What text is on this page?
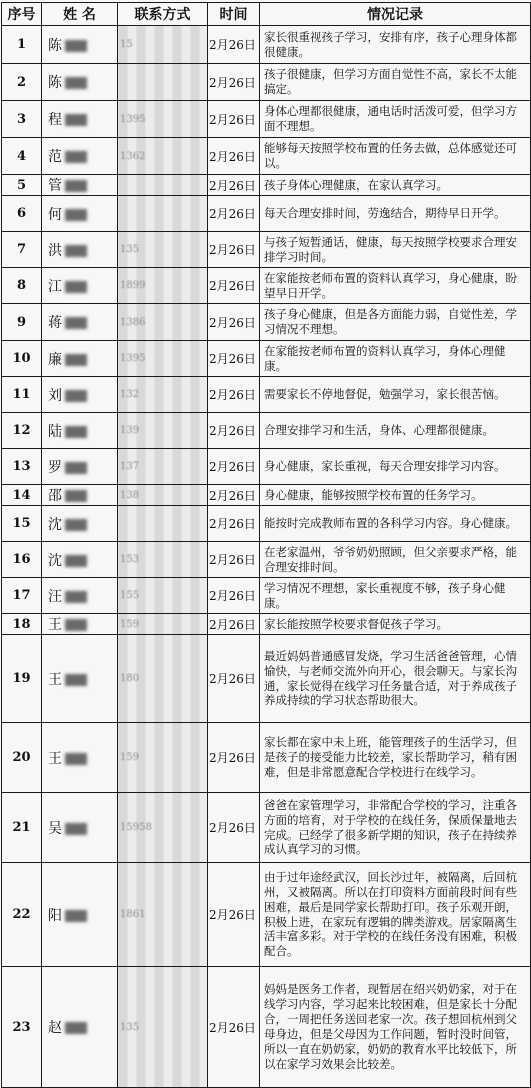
序号	姓 名	联系方式	时间	情况记录
1	陈	15	2月26日	家长很重视孩子学习，安排有序，孩子心理身体都很健康。
2	陈		2月26日	孩子很健康，但学习方面自觉性不高，家长不太能搞定。
3	程	1395	2月26日	身体心理都很健康，通电话时活泼可爱，但学习方面不理想。
4	范	1362	2月26日	能够每天按照学校布置的任务去做，总体感觉还可以。
5	管		2月26日	孩子身体心理健康，在家认真学习。
6	何		2月26日	每天合理安排时间，劳逸结合，期待早日开学。
7	洪	135	2月26日	与孩子短暂通话，健康，每天按照学校要求合理安排学习时间。
8	江	1899	2月26日	在家能按老师布置的资料认真学习，身心健康，盼望早日开学。
9	蒋	1386	2月26日	孩子身心健康，但是各方面能力弱，自觉性差，学习情况不理想。
10	廉	1395	2月26日	在家能按老师布置的资料认真学习，身体心理健康。
11	刘	132	2月26日	需要家长不停地督促，勉强学习，家长很苦恼。
12	陆	139	2月26日	合理安排学习和生活，身体、心理都很健康。
13	罗	137	2月26日	身心健康，家长重视，每天合理安排学习内容。
14	邵	138	2月26日	身心健康，能够按照学校布置的任务学习。
15	沈		2月26日	能按时完成教师布置的各科学习内容。身心健康。
16	沈	153	2月26日	在老家温州，爷爷奶奶照顾，但父亲要求严格，能合理安排时间。
17	汪	155	2月26日	学习情况不理想，家长重视度不够，孩子身心健康。
18	王	159	2月26日	家长能按照学校要求督促孩子学习。
19	王	180	2月26日	最近妈妈普通感冒发烧，学习生活爸爸管理，心情愉快，与老师交流外向开心，很会聊天。与家长沟通，家长觉得在线学习任务量合适，对于养成孩子养成持续的学习状态帮助很大。
20	王	159	2月26日	家长都在家中未上班，能管理孩子的生活学习，但是孩子的接受能力比较差，家长帮助学习，稍有困难，但是非常愿意配合学校进行在线学习。
21	吴	15958	2月26日	爸爸在家管理学习，非常配合学校的学习，注重各方面的培育，对于学校的在线任务，保质保量地去完成。已经学了很多新学期的知识，孩子在持续养成认真学习的习惯。
22	阳	1861	2月26日	由于过年途经武汉，回长沙过年，被隔离，后回杭州，又被隔离。所以在打印资料方面前段时间有些困难，最后是同学家长帮助打印。孩子乐观开朗，积极上进，在家玩有逻辑的牌类游戏。居家隔离生活丰富多彩。对于学校的在线任务没有困难，积极配合。
23	赵	135	2月26日	妈妈是医务工作者，现暂居在绍兴奶奶家，对于在线学习内容，学习起来比较困难，但是家长十分配合，一周把任务送回老家一次。孩子想回杭州到父母身边，但是父母因为工作问题，暂时没时间管，所以一直在奶奶家，奶奶的教育水平比较低下，所以在家学习效果会比较差。
